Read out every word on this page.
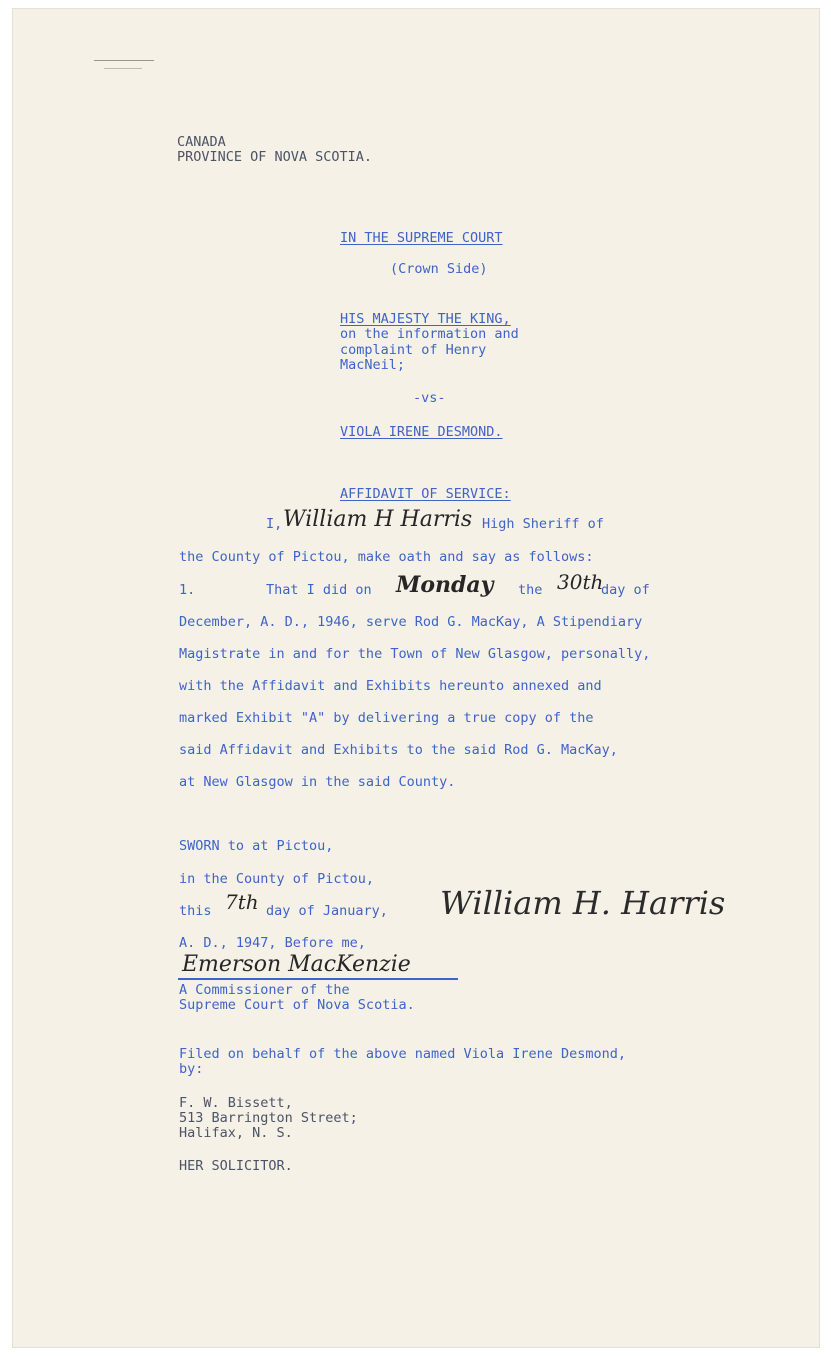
CANADA
PROVINCE OF NOVA SCOTIA.
IN THE SUPREME COURT
(Crown Side)
HIS MAJESTY THE KING,
on the information and
complaint of Henry
MacNeil;
-vs-
VIOLA IRENE DESMOND.
AFFIDAVIT OF SERVICE:
I, William H Harris High Sheriff of
the County of Pictou, make oath and say as follows:
1.	That I did on Monday the 30th
day of
December, A. D., 1946, serve Rod G. MacKay, A Stipendiary
Magistrate in and for the Town of New Glasgow, personally,
with the Affidavit and Exhibits hereunto annexed and
marked Exhibit "A" by delivering a true copy of the
said Affidavit and Exhibits to the said Rod G. MacKay,
at New Glasgow in the said County.
SWORN to at Pictou,
in the County of Pictou,
this 7th day of January,
A. D., 1947, Before me,
William H. Harris
Emerson MacKenzie
A Commissioner of the
Supreme Court of Nova Scotia.
Filed on behalf of the above named Viola Irene Desmond,
by:
F. W. Bissett,
513 Barrington Street;
Halifax, N. S.
HER SOLICITOR.
